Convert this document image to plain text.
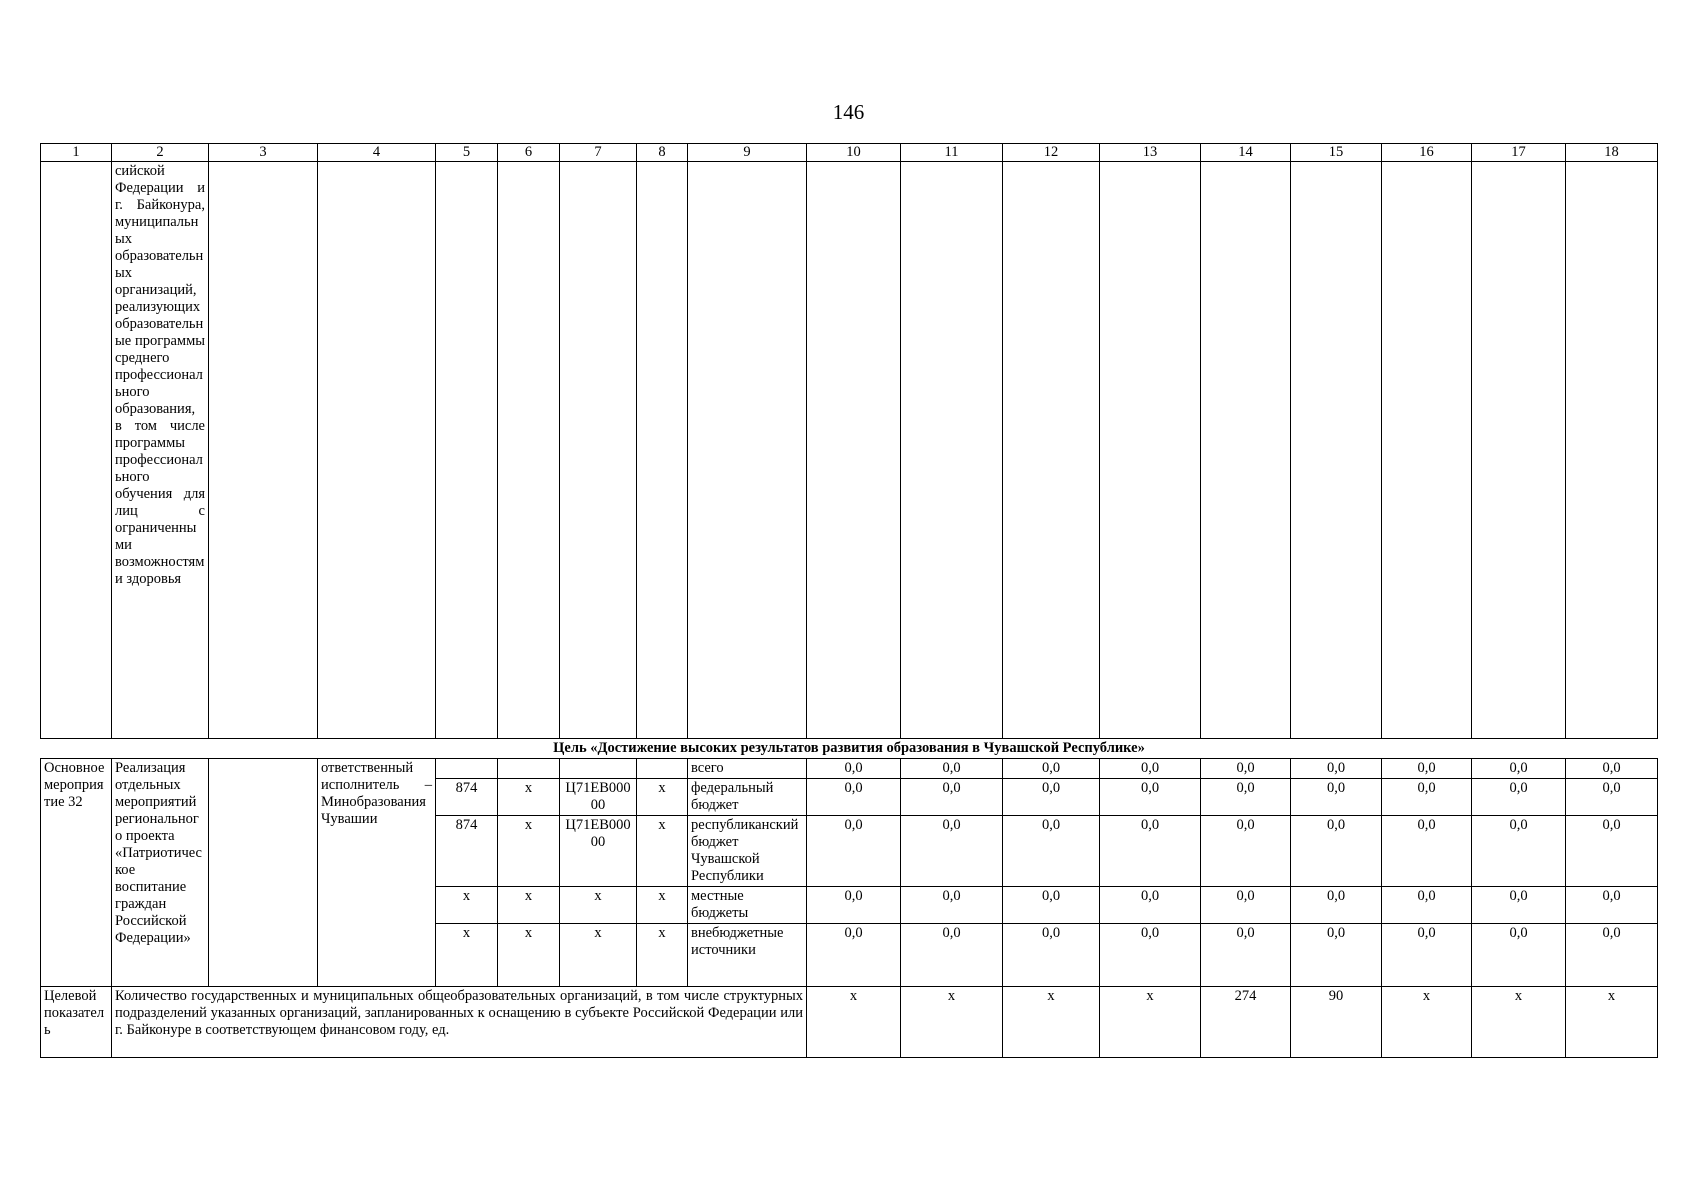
146
1	2	3	4	5	6	7	8	9	10	11	12	13	14	15	16	17	18
	сийской Федерации и г. Байконура, муниципальных образовательных организаций, реализующих образовательные программы среднего профессионального образования, в том числе программы профессионального обучения для лиц с ограниченными возможностями здоровья																
Цель «Достижение высоких результатов развития образования в Чувашской Республике»																	
Основное мероприятие 32	Реализация отдельных мероприятий регионального проекта «Патриотическое воспитание граждан Российской Федерации»		ответственный исполнитель – Минобразования Чувашии					всего	0,0	0,0	0,0	0,0	0,0	0,0	0,0	0,0	0,0
				874	x	Ц71ЕВ00000	x	федеральный бюджет	0,0	0,0	0,0	0,0	0,0	0,0	0,0	0,0	0,0
				874	x	Ц71ЕВ00000	x	республиканский бюджет Чувашской Республики	0,0	0,0	0,0	0,0	0,0	0,0	0,0	0,0	0,0
				x	x	x	x	местные бюджеты	0,0	0,0	0,0	0,0	0,0	0,0	0,0	0,0	0,0
				x	x	x	x	внебюджетные источники	0,0	0,0	0,0	0,0	0,0	0,0	0,0	0,0	0,0
Целевой показатель	Количество государственных и муниципальных общеобразовательных организаций, в том числе структурных подразделений указанных организаций, запланированных к оснащению в субъекте Российской Федерации или г. Байконуре в соответствующем финансовом году, ед.								x	x	x	x	274	90	x	x	x
